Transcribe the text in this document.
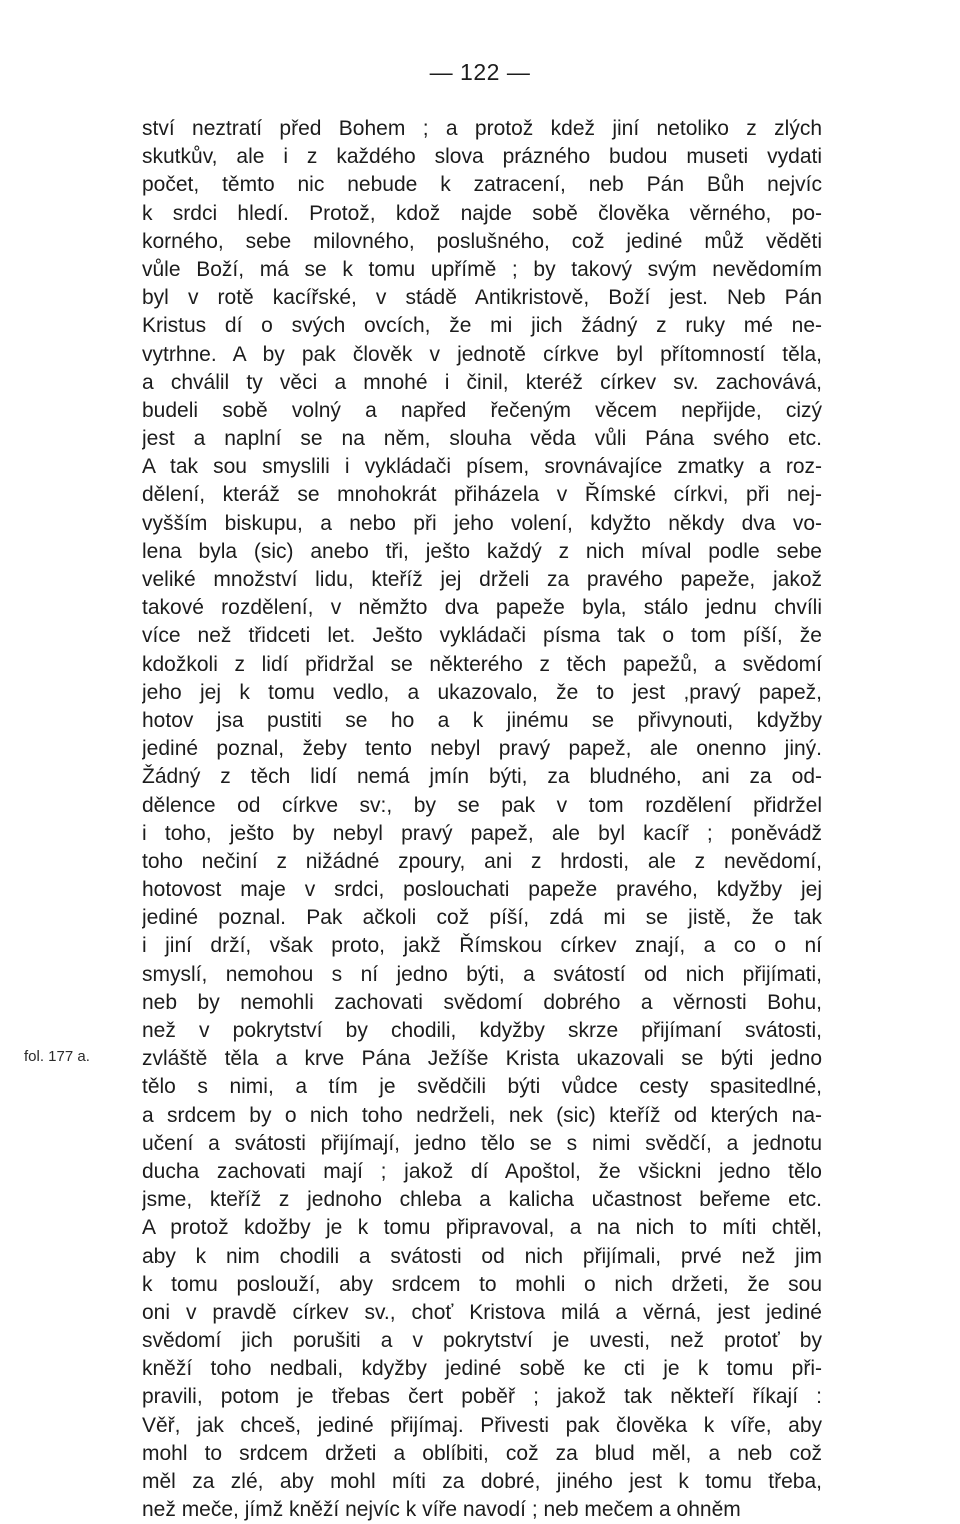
— 122 —
fol. 177 a.
ství neztratí před Bohem ; a protož kdež jiní netoliko z zlých
skutkův, ale i z každého slova prázného budou museti vydati
počet, těmto nic nebude k zatracení, neb Pán Bůh nejvíc
k srdci hledí. Protož, kdož najde sobě člověka věrného, po-
korného, sebe milovného, poslušného, což jediné můž věděti
vůle Boží, má se k tomu upřímě ; by takový svým nevědomím
byl v rotě kacířské, v stádě Antikristově, Boží jest. Neb Pán
Kristus dí o svých ovcích, že mi jich žádný z ruky mé ne-
vytrhne. A by pak člověk v jednotě církve byl přítomností těla,
a chválil ty věci a mnohé i činil, kteréž církev sv. zachovává,
budeli sobě volný a napřed řečeným věcem nepřijde, cizý
jest a naplní se na něm, slouha věda vůli Pána svého etc.
A tak sou smyslili i vykládači písem, srovnávajíce zmatky a roz-
dělení, kteráž se mnohokrát přiházela v Římské církvi, při nej-
vyšším biskupu, a nebo při jeho volení, kdyžto někdy dva vo-
lena byla (sic) anebo tři, ješto každý z nich míval podle sebe
veliké množství lidu, kteříž jej drželi za pravého papeže, jakož
takové rozdělení, v němžto dva papeže byla, stálo jednu chvíli
více než třidceti let. Ješto vykládači písma tak o tom píší, že
kdožkoli z lidí přidržal se některého z těch papežů, a svědomí
jeho jej k tomu vedlo, a ukazovalo, že to jest ,pravý papež,
hotov jsa pustiti se ho a k jinému se přivynouti, kdyžby
jediné poznal, žeby tento nebyl pravý papež, ale onenno jiný.
Žádný z těch lidí nemá jmín býti, za bludného, ani za od-
dělence od církve sv:, by se pak v tom rozdělení přidržel
i toho, ješto by nebyl pravý papež, ale byl kacíř ; poněvádž
toho nečiní z nižádné zpoury, ani z hrdosti, ale z nevědomí,
hotovost maje v srdci, poslouchati papeže pravého, kdyžby jej
jediné poznal. Pak ačkoli což píší, zdá mi se jistě, že tak
i jiní drží, však proto, jakž Římskou církev znají, a co o ní
smyslí, nemohou s ní jedno býti, a svátostí od nich přijímati,
neb by nemohli zachovati svědomí dobrého a věrnosti Bohu,
než v pokrytství by chodili, kdyžby skrze přijímaní svátosti,
zvláště těla a krve Pána Ježíše Krista ukazovali se býti jedno
tělo s nimi, a tím je svědčili býti vůdce cesty spasitedlné,
a srdcem by o nich toho nedrželi, nek (sic) kteříž od kterých na-
učení a svátosti přijímají, jedno tělo se s nimi svědčí, a jednotu
ducha zachovati mají ; jakož dí Apoštol, že všickni jedno tělo
jsme, kteříž z jednoho chleba a kalicha učastnost beřeme etc.
A protož kdožby je k tomu připravoval, a na nich to míti chtěl,
aby k nim chodili a svátosti od nich přijímali, prvé než jim
k tomu poslouží, aby srdcem to mohli o nich držeti, že sou
oni v pravdě církev sv., choť Kristova milá a věrná, jest jediné
svědomí jich porušiti a v pokrytství je uvesti, než protoť by
kněží toho nedbali, kdyžby jediné sobě ke cti je k tomu při-
pravili, potom je třebas čert poběř ; jakož tak někteří říkají :
Věř, jak chceš, jediné přijímaj. Přivesti pak člověka k víře, aby
mohl to srdcem držeti a oblíbiti, což za blud měl, a neb což
měl za zlé, aby mohl míti za dobré, jiného jest k tomu třeba,
než meče, jímž kněží nejvíc k víře navodí ; neb mečem a ohněm
